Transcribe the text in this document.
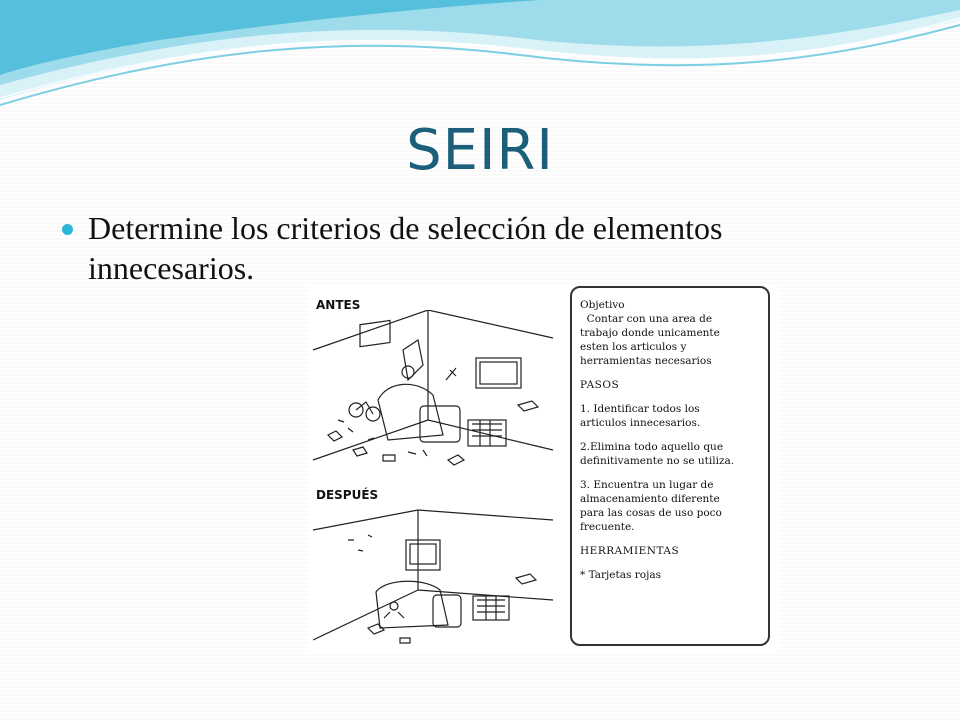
SEIRI
Determine los criterios de selección de elementos innecesarios.
ANTES
DESPUÉS
Objetivo
Contar con una area de
trabajo donde unicamente
esten los articulos y
herramientas necesarios
PASOS
1. Identificar todos los
articulos innecesarios.
2.Elimina todo aquello que
definitivamente no se utiliza.
3. Encuentra un lugar de
almacenamiento diferente
para las cosas de uso poco
frecuente.
HERRAMIENTAS
* Tarjetas rojas
